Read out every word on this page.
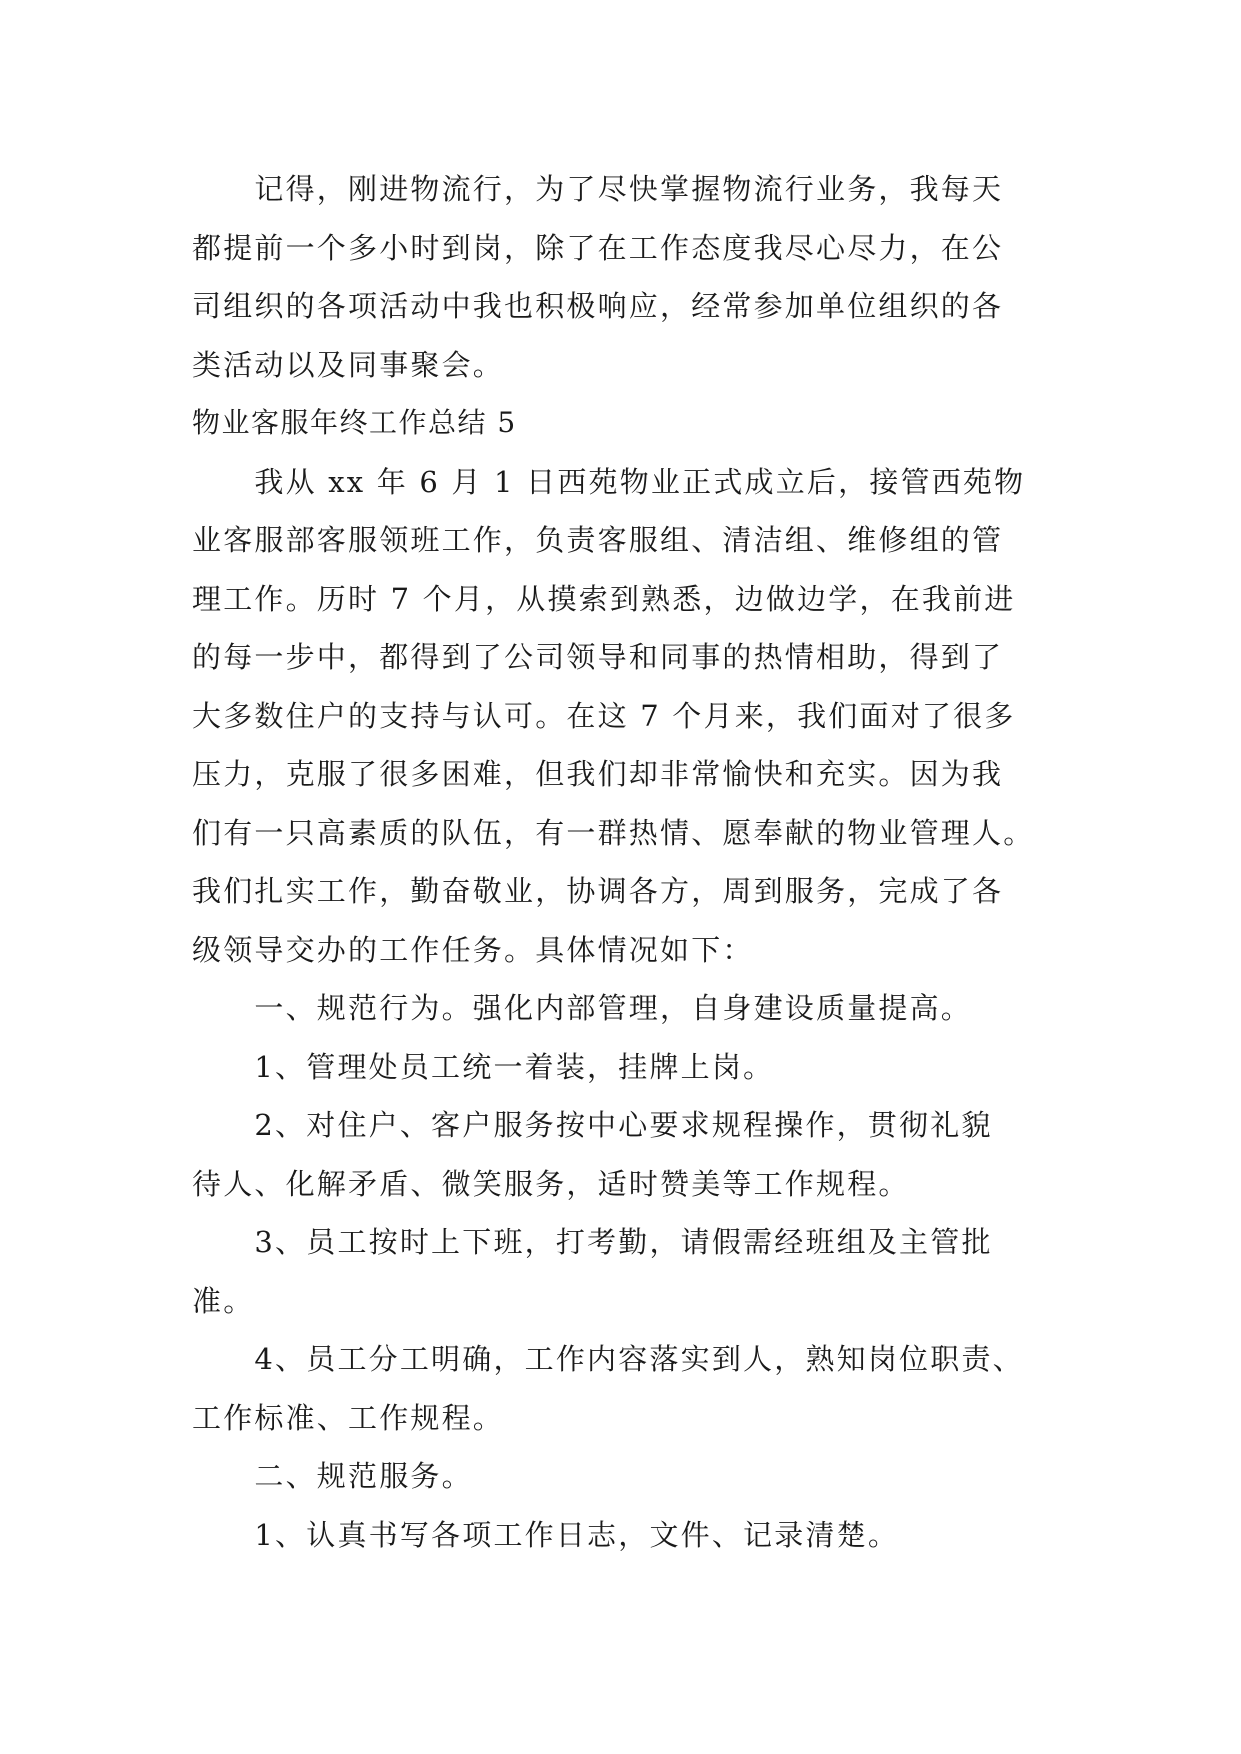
　　记得，刚进物流行，为了尽快掌握物流行业务，我每天
都提前一个多小时到岗，除了在工作态度我尽心尽力，在公
司组织的各项活动中我也积极响应，经常参加单位组织的各
类活动以及同事聚会。
物业客服年终工作总结 5
　　我从 xx 年 6 月 1 日西苑物业正式成立后，接管西苑物
业客服部客服领班工作，负责客服组、清洁组、维修组的管
理工作。历时 7 个月，从摸索到熟悉，边做边学，在我前进
的每一步中，都得到了公司领导和同事的热情相助，得到了
大多数住户的支持与认可。在这 7 个月来，我们面对了很多
压力，克服了很多困难，但我们却非常愉快和充实。因为我
们有一只高素质的队伍，有一群热情、愿奉献的物业管理人。
我们扎实工作，勤奋敬业，协调各方，周到服务，完成了各
级领导交办的工作任务。具体情况如下：
　　一、规范行为。强化内部管理，自身建设质量提高。
　　1、管理处员工统一着装，挂牌上岗。
　　2、对住户、客户服务按中心要求规程操作，贯彻礼貌
待人、化解矛盾、微笑服务，适时赞美等工作规程。
　　3、员工按时上下班，打考勤，请假需经班组及主管批
准。
　　4、员工分工明确，工作内容落实到人，熟知岗位职责、
工作标准、工作规程。
　　二、规范服务。
　　1、认真书写各项工作日志，文件、记录清楚。
